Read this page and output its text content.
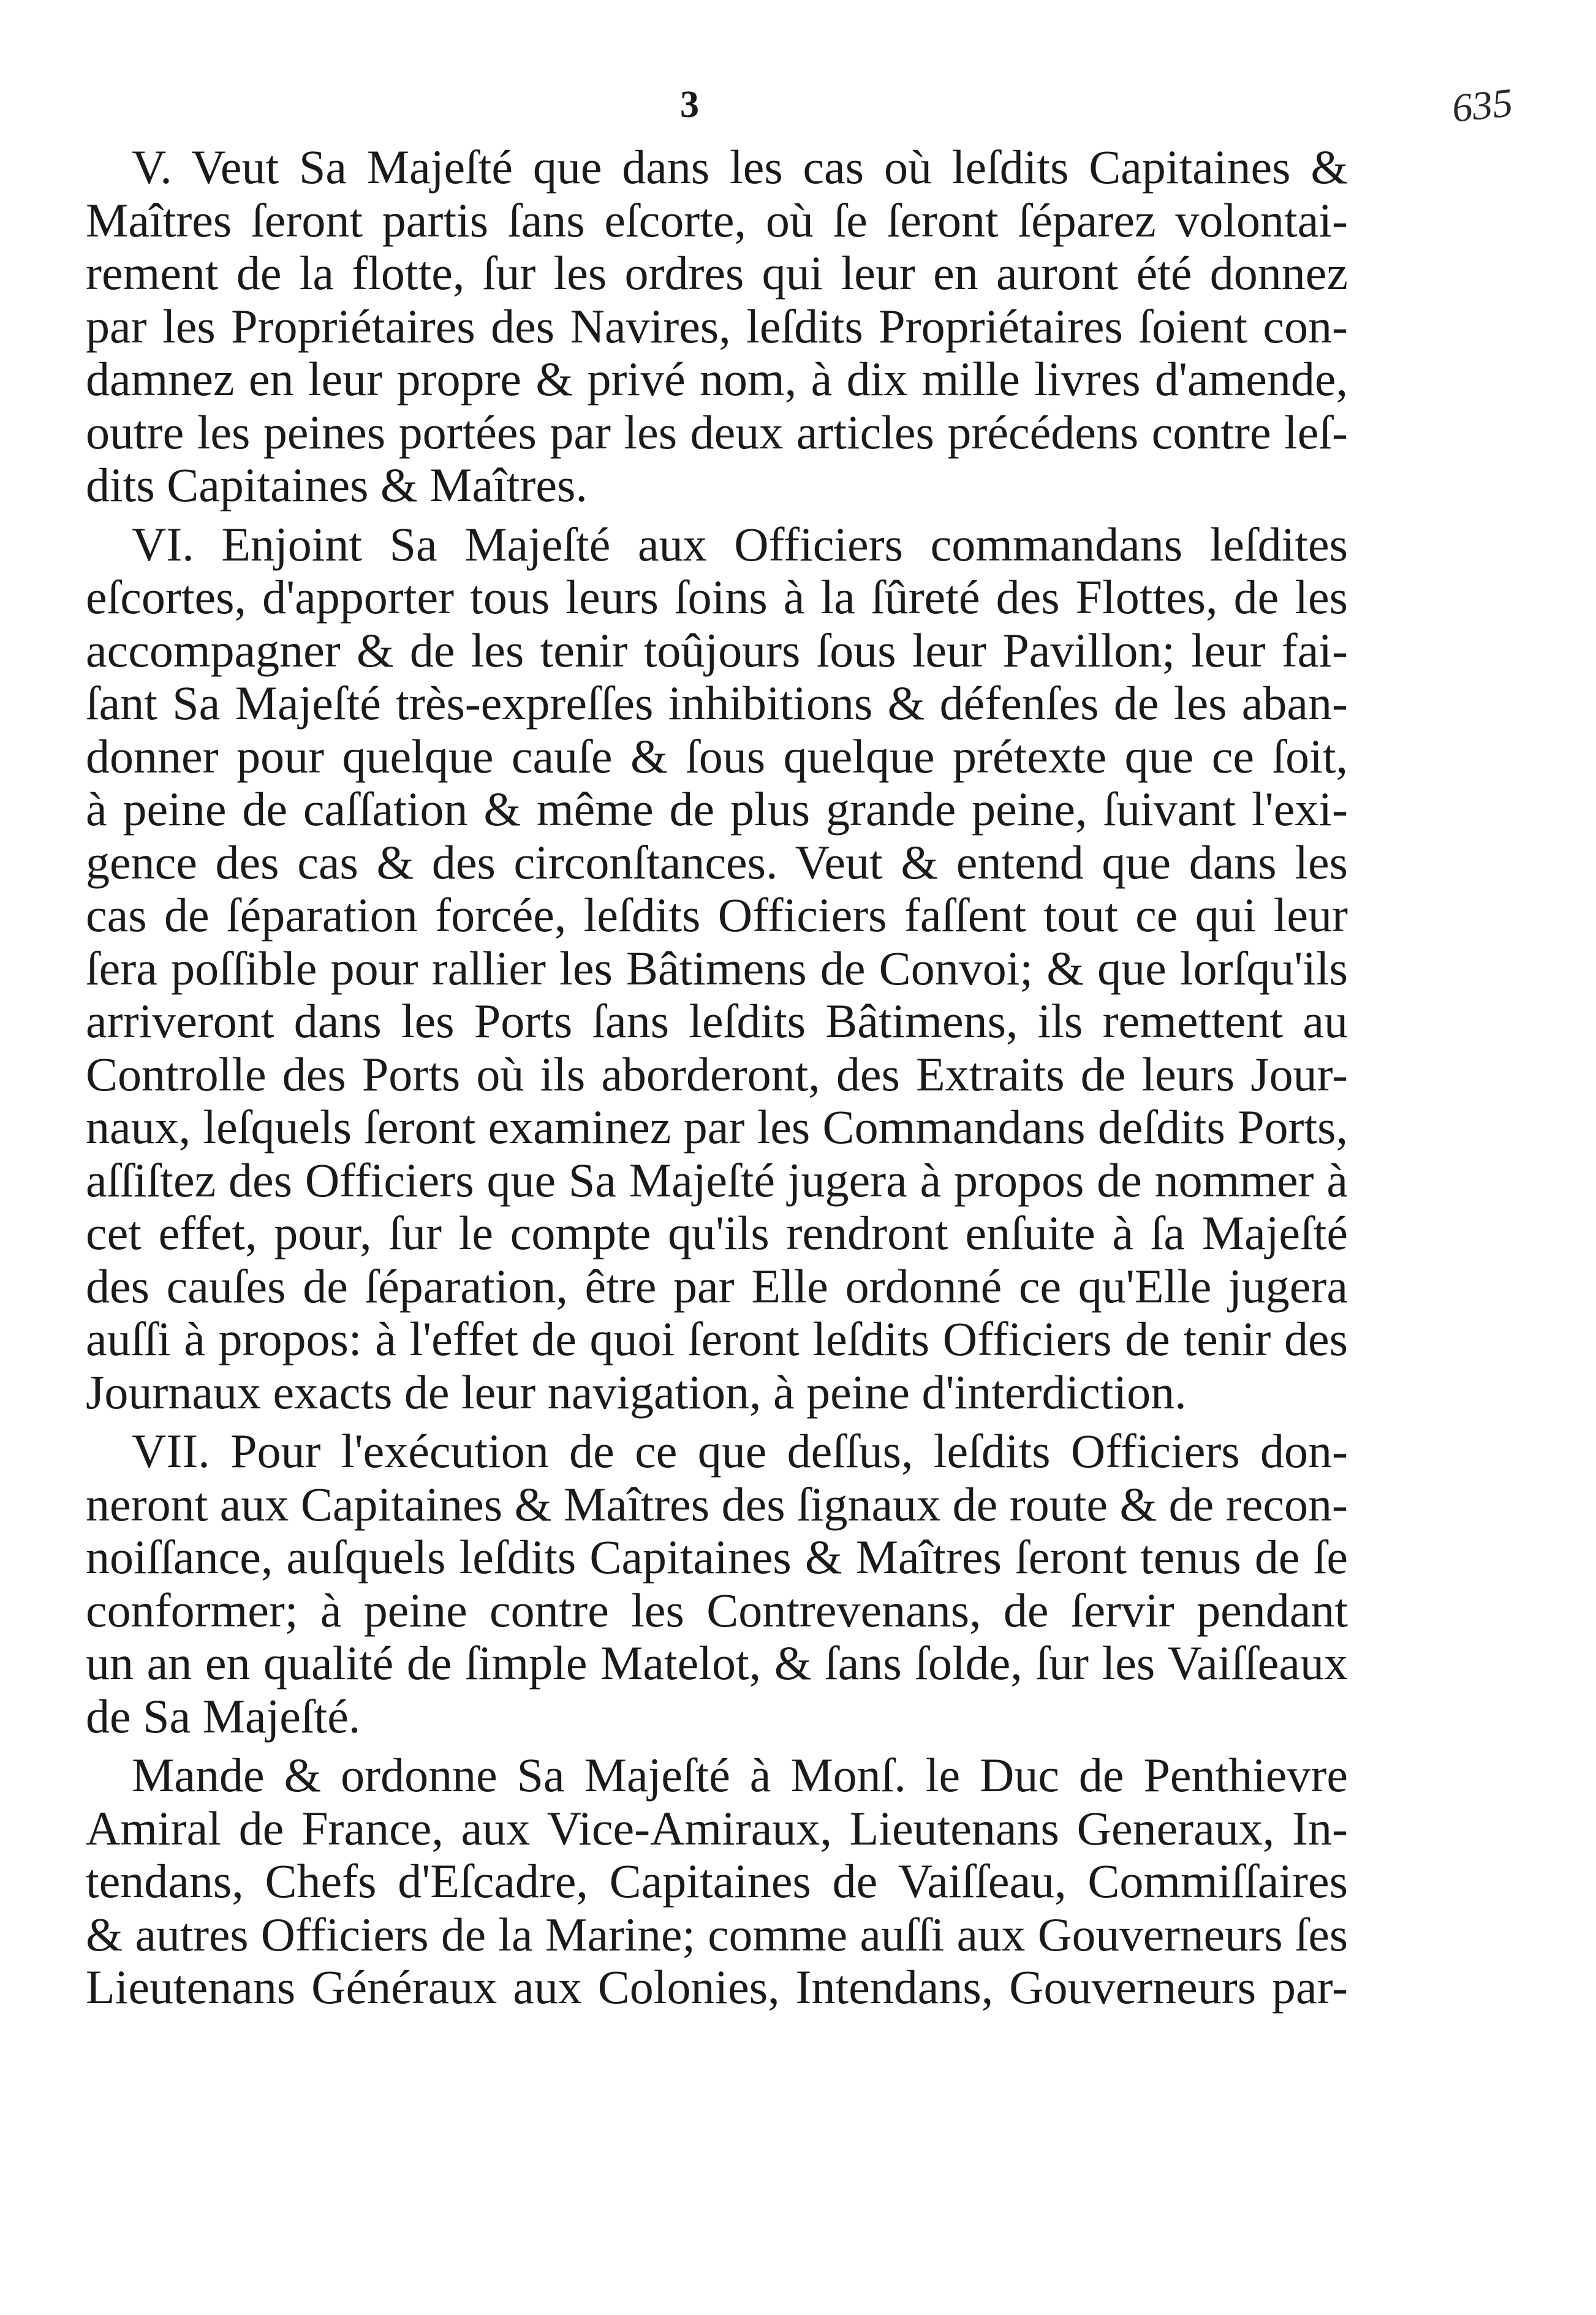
3	635
V. Veut Sa Majeſté que dans les cas où leſdits Capitaines &
Maîtres ſeront partis ſans eſcorte, où ſe ſeront ſéparez volontai-
rement de la flotte, ſur les ordres qui leur en auront été donnez
par les Propriétaires des Navires, leſdits Propriétaires ſoient con-
damnez en leur propre & privé nom, à dix mille livres d'amende,
outre les peines portées par les deux articles précédens contre leſ-
dits Capitaines & Maîtres.
VI. Enjoint Sa Majeſté aux Officiers commandans leſdites
eſcortes, d'apporter tous leurs ſoins à la ſûreté des Flottes, de les
accompagner & de les tenir toûjours ſous leur Pavillon; leur fai-
ſant Sa Majeſté très-expreſſes inhibitions & défenſes de les aban-
donner pour quelque cauſe & ſous quelque prétexte que ce ſoit,
à peine de caſſation & même de plus grande peine, ſuivant l'exi-
gence des cas & des circonſtances. Veut & entend que dans les
cas de ſéparation forcée, leſdits Officiers faſſent tout ce qui leur
ſera poſſible pour rallier les Bâtimens de Convoi; & que lorſqu'ils
arriveront dans les Ports ſans leſdits Bâtimens, ils remettent au
Controlle des Ports où ils aborderont, des Extraits de leurs Jour-
naux, leſquels ſeront examinez par les Commandans deſdits Ports,
aſſiſtez des Officiers que Sa Majeſté jugera à propos de nommer à
cet effet, pour, ſur le compte qu'ils rendront enſuite à ſa Majeſté
des cauſes de ſéparation, être par Elle ordonné ce qu'Elle jugera
auſſi à propos: à l'effet de quoi ſeront leſdits Officiers de tenir des
Journaux exacts de leur navigation, à peine d'interdiction.
VII. Pour l'exécution de ce que deſſus, leſdits Officiers don-
neront aux Capitaines & Maîtres des ſignaux de route & de recon-
noiſſance, auſquels leſdits Capitaines & Maîtres ſeront tenus de ſe
conformer; à peine contre les Contrevenans, de ſervir pendant
un an en qualité de ſimple Matelot, & ſans ſolde, ſur les Vaiſſeaux
de Sa Majeſté.
Mande & ordonne Sa Majeſté à Monſ. le Duc de Penthievre
Amiral de France, aux Vice-Amiraux, Lieutenans Generaux, In-
tendans, Chefs d'Eſcadre, Capitaines de Vaiſſeau, Commiſſaires
& autres Officiers de la Marine; comme auſſi aux Gouverneurs ſes
Lieutenans Généraux aux Colonies, Intendans, Gouverneurs par-
